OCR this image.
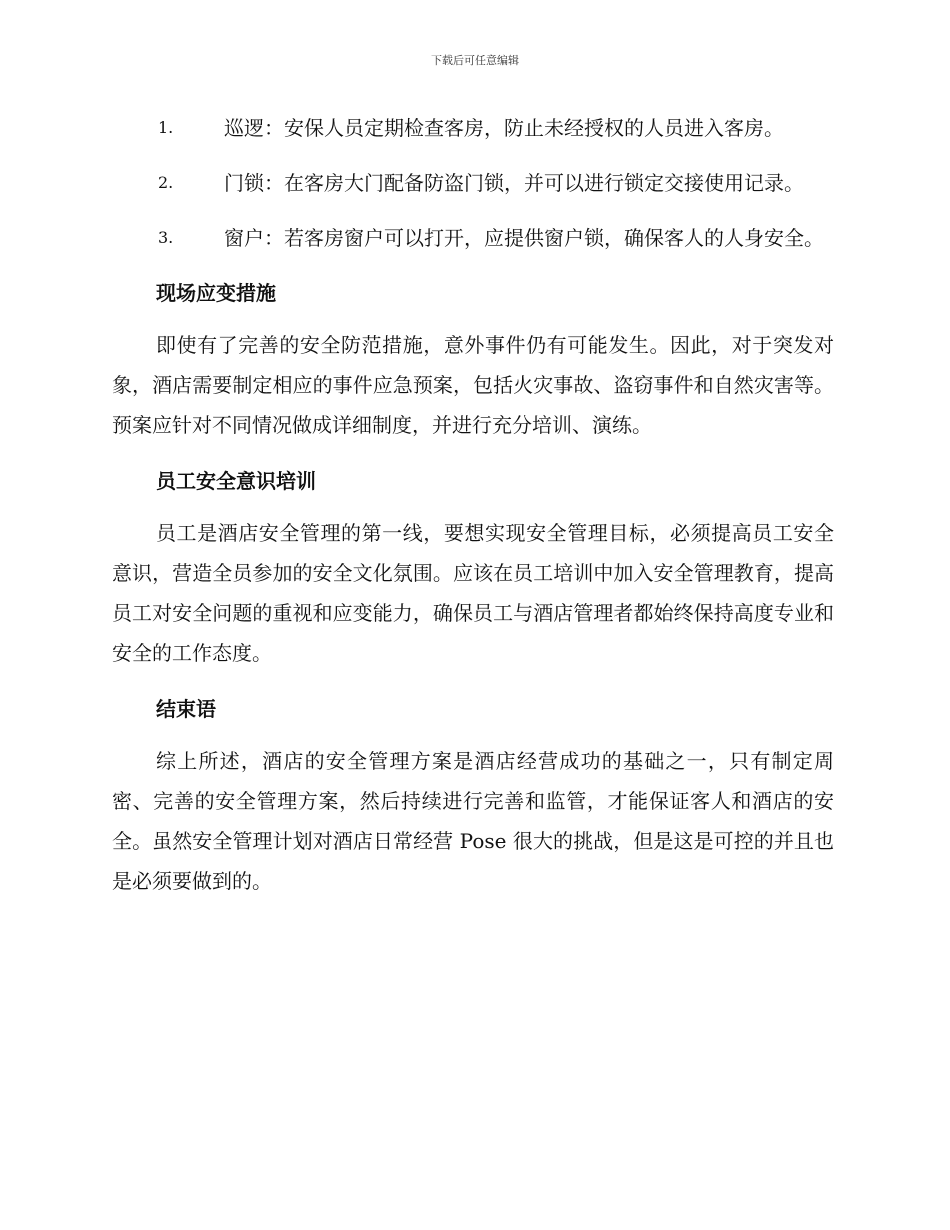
下载后可任意编辑
1.	巡逻：安保人员定期检查客房，防止未经授权的人员进入客房。
2.	门锁：在客房大门配备防盗门锁，并可以进行锁定交接使用记录。
3.	窗户：若客房窗户可以打开，应提供窗户锁，确保客人的人身安全。
现场应变措施

即使有了完善的安全防范措施，意外事件仍有可能发生。因此，对于突发对象，酒店需要制定相应的事件应急预案，包括火灾事故、盗窃事件和自然灾害等。预案应针对不同情况做成详细制度，并进行充分培训、演练。

员工安全意识培训

员工是酒店安全管理的第一线，要想实现安全管理目标，必须提高员工安全意识，营造全员参加的安全文化氛围。应该在员工培训中加入安全管理教育，提高员工对安全问题的重视和应变能力，确保员工与酒店管理者都始终保持高度专业和安全的工作态度。

结束语

综上所述，酒店的安全管理方案是酒店经营成功的基础之一，只有制定周密、完善的安全管理方案，然后持续进行完善和监管，才能保证客人和酒店的安全。虽然安全管理计划对酒店日常经营 Pose 很大的挑战，但是这是可控的并且也是必须要做到的。
